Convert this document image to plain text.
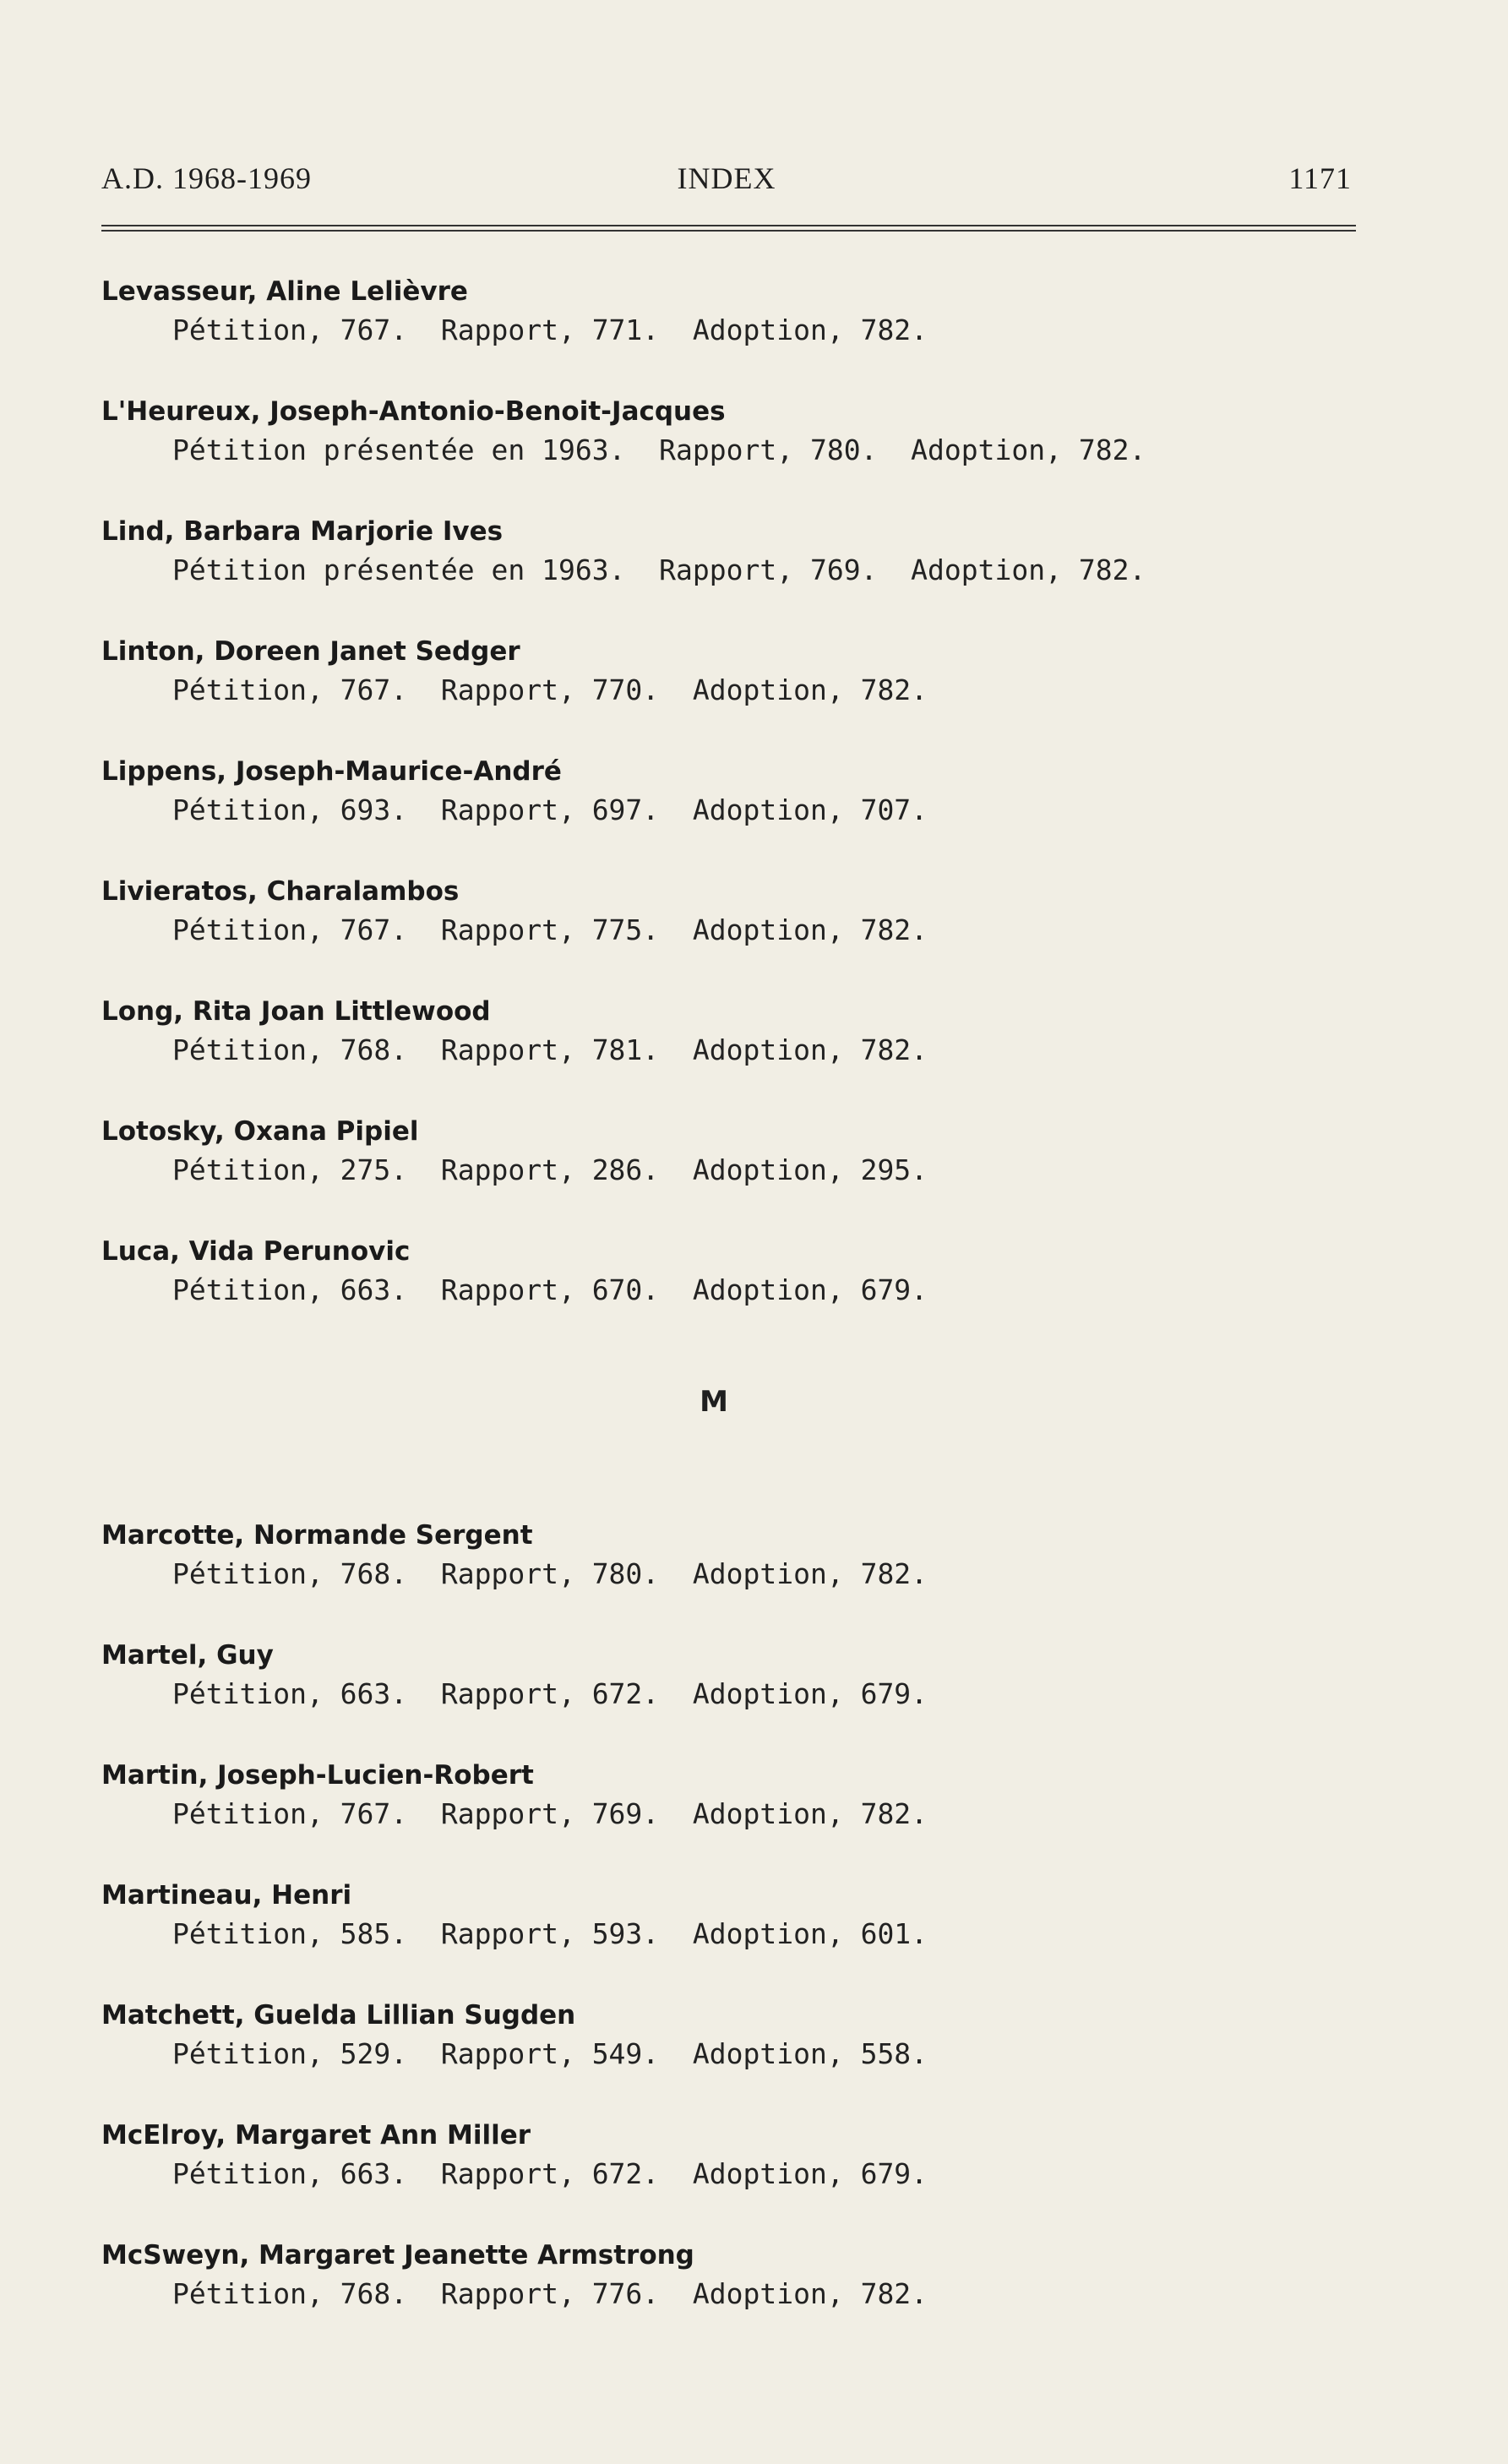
A.D. 1968-1969	INDEX	1171
Levasseur, Aline Lelièvre
Pétition, 767.  Rapport, 771.  Adoption, 782.
L'Heureux, Joseph-Antonio-Benoit-Jacques
Pétition présentée en 1963.  Rapport, 780.  Adoption, 782.
Lind, Barbara Marjorie Ives
Pétition présentée en 1963.  Rapport, 769.  Adoption, 782.
Linton, Doreen Janet Sedger
Pétition, 767.  Rapport, 770.  Adoption, 782.
Lippens, Joseph-Maurice-André
Pétition, 693.  Rapport, 697.  Adoption, 707.
Livieratos, Charalambos
Pétition, 767.  Rapport, 775.  Adoption, 782.
Long, Rita Joan Littlewood
Pétition, 768.  Rapport, 781.  Adoption, 782.
Lotosky, Oxana Pipiel
Pétition, 275.  Rapport, 286.  Adoption, 295.
Luca, Vida Perunovic
Pétition, 663.  Rapport, 670.  Adoption, 679.
M
Marcotte, Normande Sergent
Pétition, 768.  Rapport, 780.  Adoption, 782.
Martel, Guy
Pétition, 663.  Rapport, 672.  Adoption, 679.
Martin, Joseph-Lucien-Robert
Pétition, 767.  Rapport, 769.  Adoption, 782.
Martineau, Henri
Pétition, 585.  Rapport, 593.  Adoption, 601.
Matchett, Guelda Lillian Sugden
Pétition, 529.  Rapport, 549.  Adoption, 558.
McElroy, Margaret Ann Miller
Pétition, 663.  Rapport, 672.  Adoption, 679.
McSweyn, Margaret Jeanette Armstrong
Pétition, 768.  Rapport, 776.  Adoption, 782.
